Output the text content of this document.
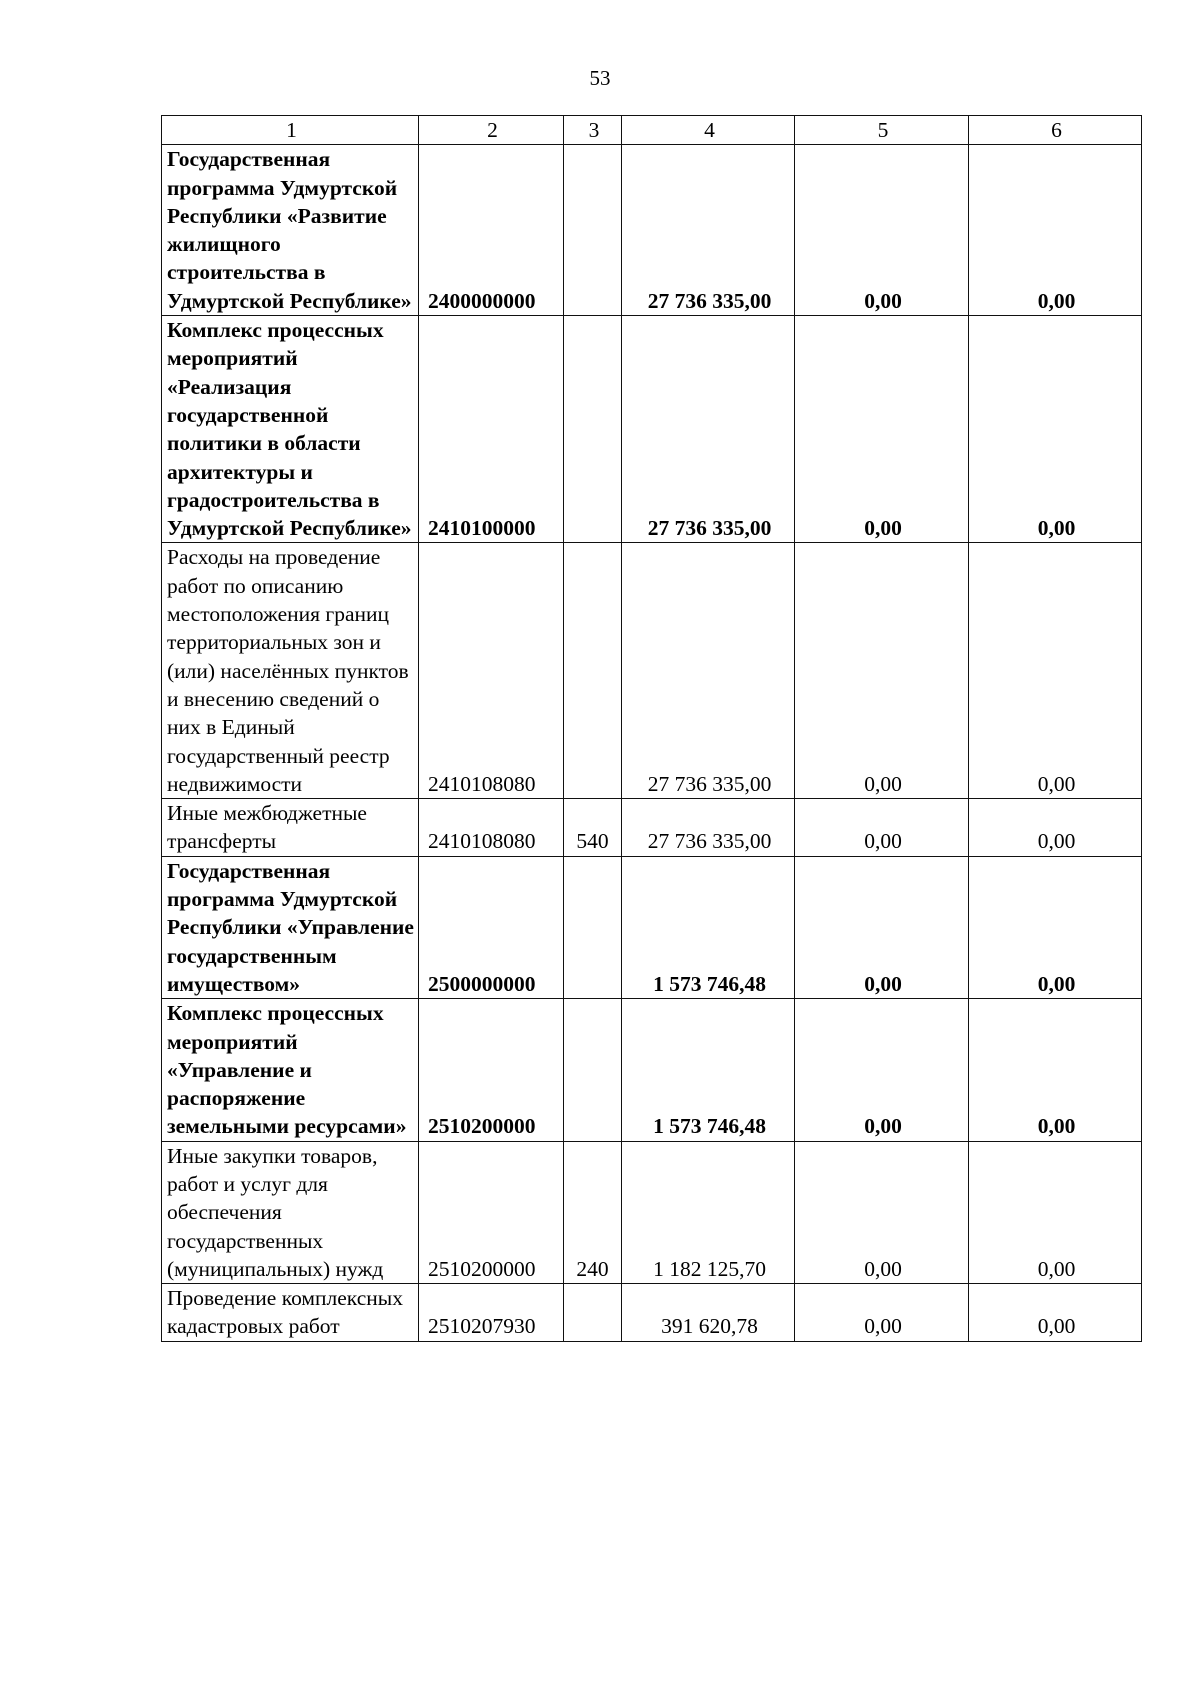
53
1	2	3	4	5	6
Государственная программа Удмуртской Республики «Развитие жилищного строительства в Удмуртской Республике»	2400000000		27 736 335,00	0,00	0,00
Комплекс процессных мероприятий «Реализация государственной политики в области архитектуры и градостроительства в Удмуртской Республике»	2410100000		27 736 335,00	0,00	0,00
Расходы на проведение работ по описанию местоположения границ территориальных зон и (или) населённых пунктов и внесению сведений о них в Единый государственный реестр недвижимости	2410108080		27 736 335,00	0,00	0,00
Иные межбюджетные трансферты	2410108080	540	27 736 335,00	0,00	0,00
Государственная программа Удмуртской Республики «Управление государственным имуществом»	2500000000		1 573 746,48	0,00	0,00
Комплекс процессных мероприятий «Управление и распоряжение земельными ресурсами»	2510200000		1 573 746,48	0,00	0,00
Иные закупки товаров, работ и услуг для обеспечения государственных (муниципальных) нужд	2510200000	240	1 182 125,70	0,00	0,00
Проведение комплексных кадастровых работ	2510207930		391 620,78	0,00	0,00
